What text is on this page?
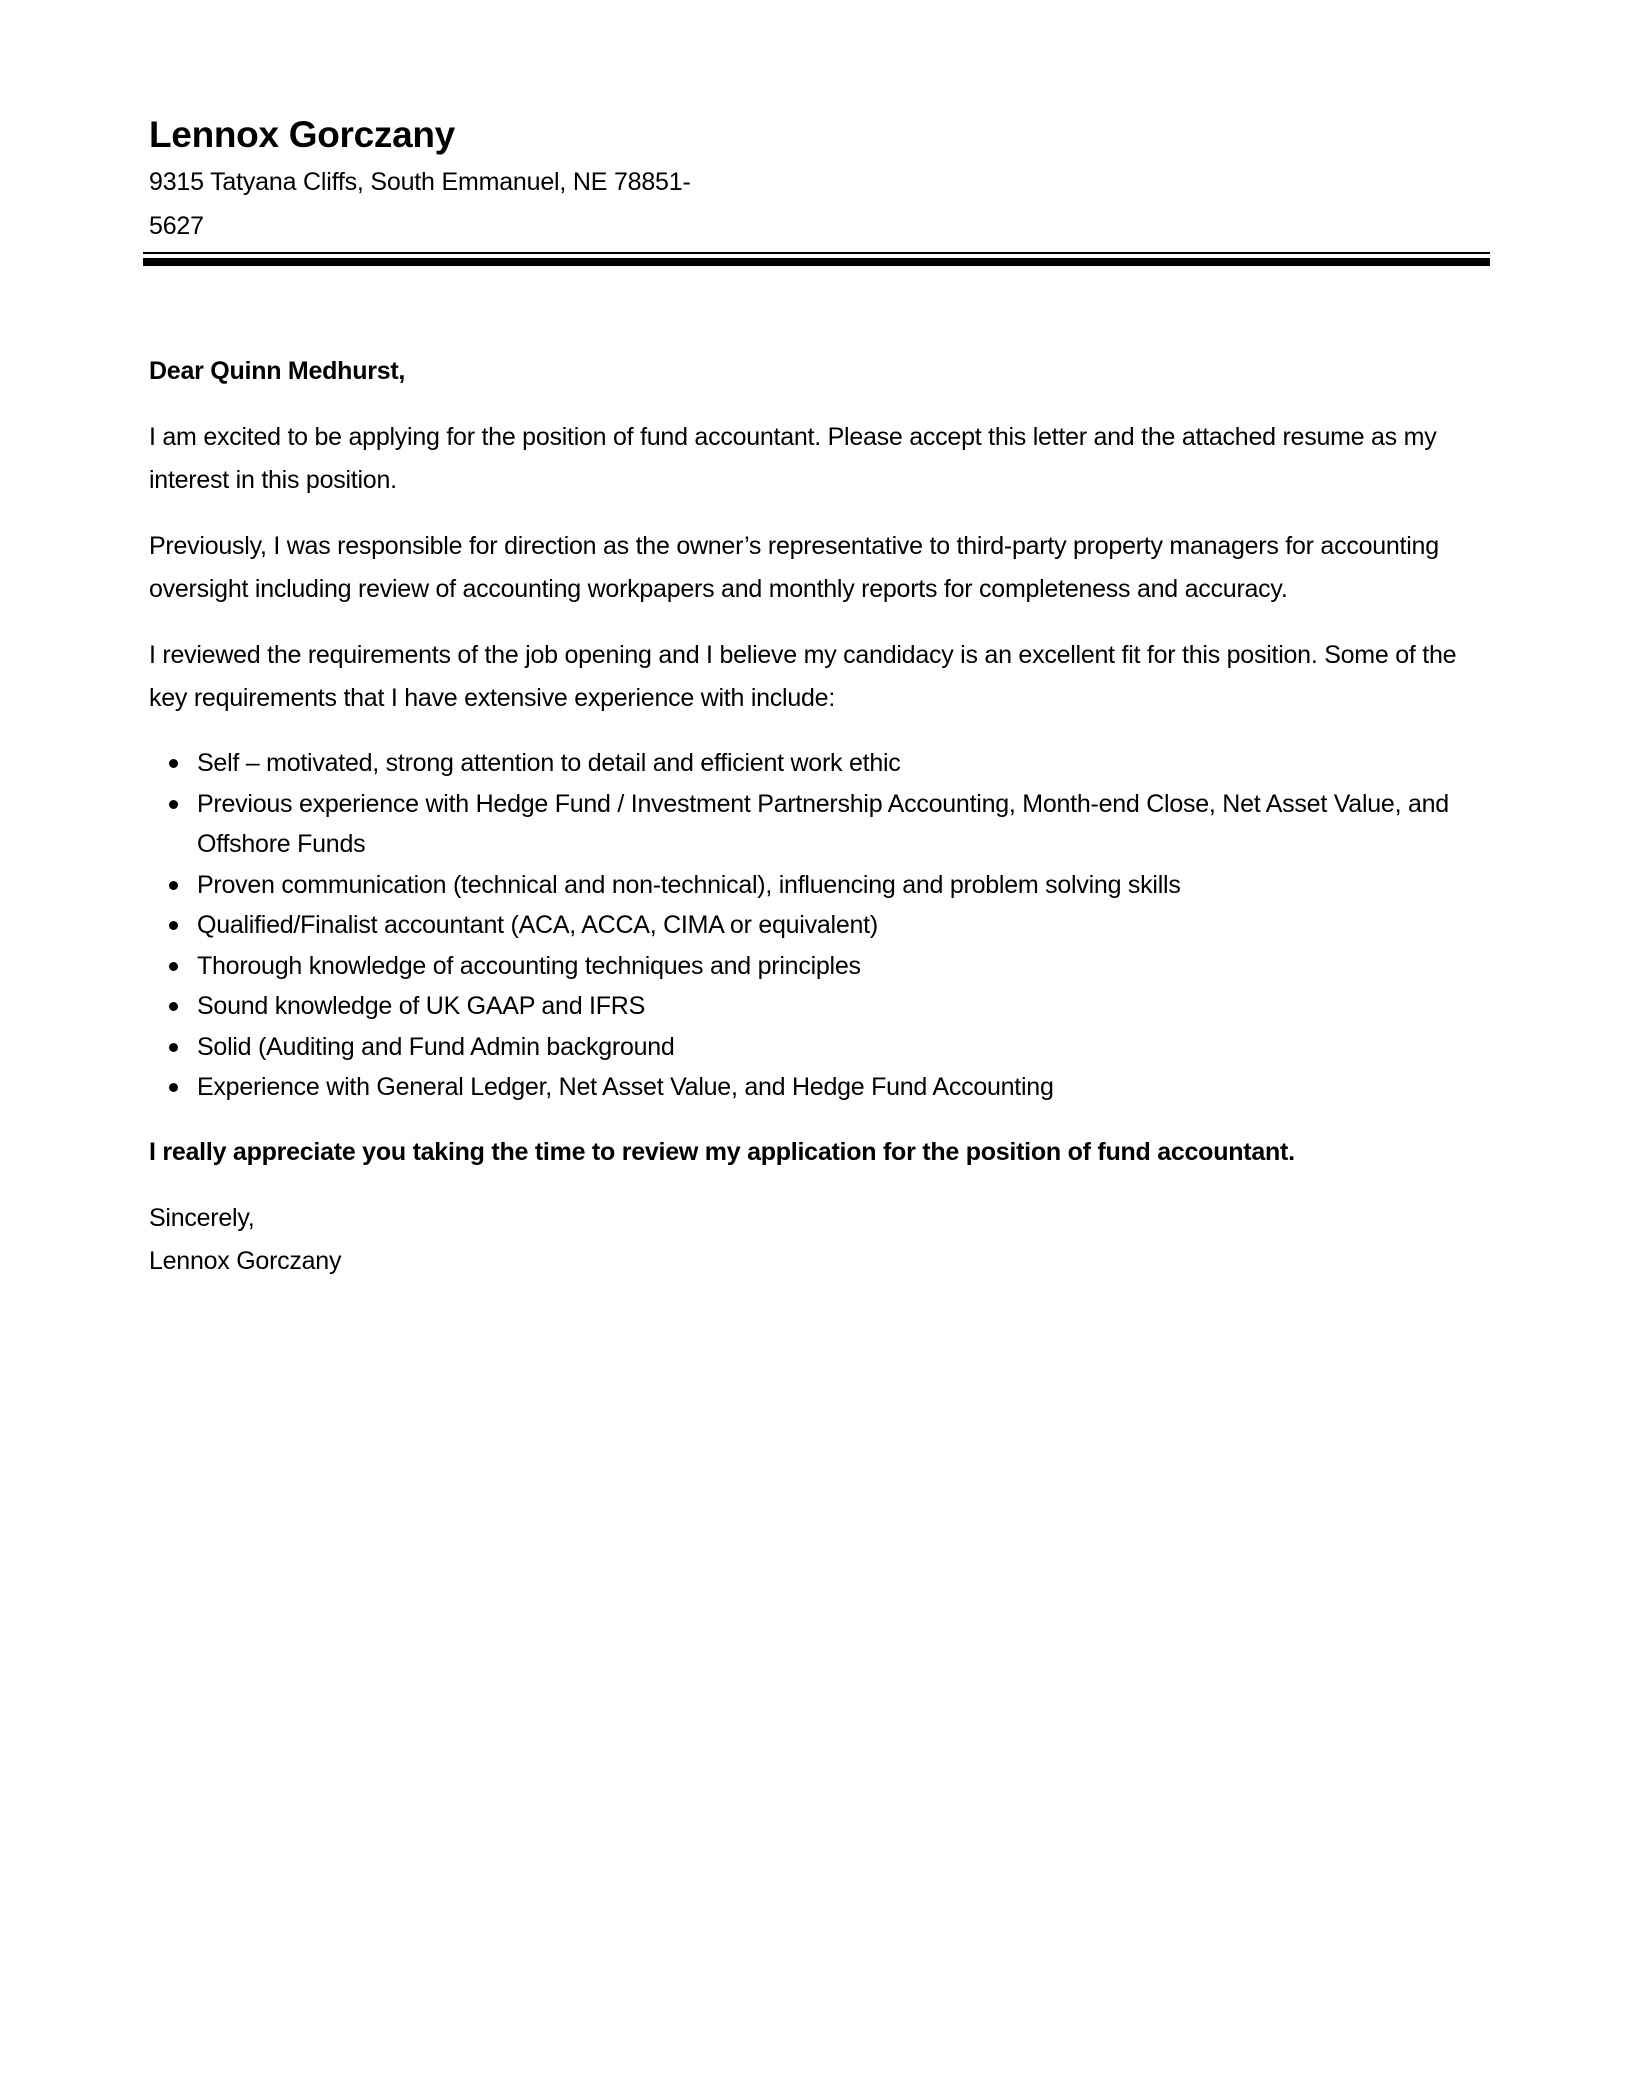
Lennox Gorczany

9315 Tatyana Cliffs, South Emmanuel, NE 78851-

5627

Dear Quinn Medhurst,

I am excited to be applying for the position of fund accountant. Please accept this letter and the attached resume as my interest in this position.

Previously, I was responsible for direction as the owner’s representative to third-party property managers for accounting oversight including review of accounting workpapers and monthly reports for completeness and accuracy.

I reviewed the requirements of the job opening and I believe my candidacy is an excellent fit for this position. Some of the key requirements that I have extensive experience with include:

Self – motivated, strong attention to detail and efficient work ethic
Previous experience with Hedge Fund / Investment Partnership Accounting, Month-end Close, Net Asset Value, and Offshore Funds
Proven communication (technical and non-technical), influencing and problem solving skills
Qualified/Finalist accountant (ACA, ACCA, CIMA or equivalent)
Thorough knowledge of accounting techniques and principles
Sound knowledge of UK GAAP and IFRS
Solid (Auditing and Fund Admin background
Experience with General Ledger, Net Asset Value, and Hedge Fund Accounting

I really appreciate you taking the time to review my application for the position of fund accountant.

Sincerely,

Lennox Gorczany
